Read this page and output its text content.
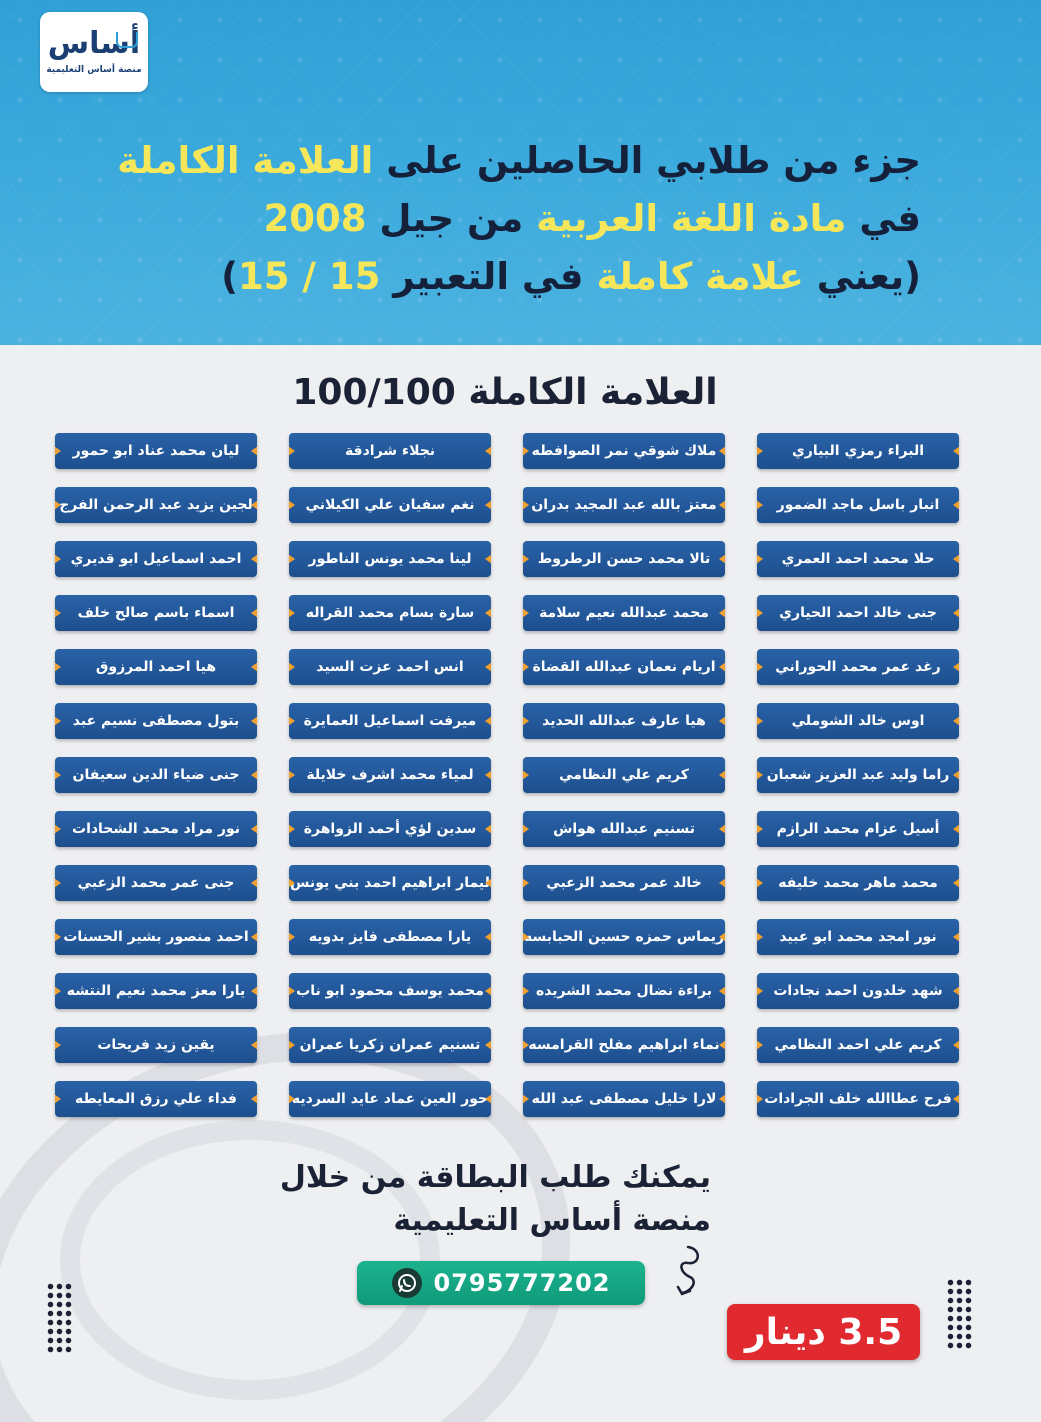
أساس
منصة أساس التعليمية
جزء من طلابي الحاصلين على العلامة الكاملة
في مادة اللغة العربية من جيل 2008
(يعني علامة كاملة في التعبير 15 / 15)
العلامة الكاملة 100/100
البراء رمزي البياري
ملاك شوقي نمر الصوافطه
نجلاء شرادقة
ليان محمد عناد ابو حمور
انبار باسل ماجد الضمور
معتز بالله عبد المجيد بدران
نغم سفيان علي الكيلاني
لجين يزيد عبد الرحمن الفرج
حلا محمد احمد العمري
تالا محمد حسن الرطروط
لينا محمد يونس الناطور
احمد اسماعيل ابو قديري
جنى خالد احمد الحياري
محمد عبدالله نعيم سلامة
سارة بسام محمد القراله
اسماء باسم صالح خلف
رغد عمر محمد الحوراني
اريام نعمان عبدالله القضاة
انس احمد عزت السيد
هيا احمد المرزوق
اوس خالد الشوملي
هيا عارف عبدالله الحديد
ميرفت اسماعيل العمايرة
بتول مصطفى نسيم عبد
راما وليد عبد العزيز شعبان
كريم علي النظامي
لمياء محمد اشرف خلايلة
جنى ضياء الدين سعيفان
أسيل عزام محمد الرازم
تسنيم عبدالله هواش
سدين لؤي أحمد الزواهرة
نور مراد محمد الشحادات
محمد ماهر محمد خليفه
خالد عمر محمد الزعبي
ليمار ابراهيم احمد بني يونس
جنى عمر محمد الزعبي
نور امجد محمد ابو عبيد
ريماس حمزه حسين الحبابسه
يارا مصطفى فايز بدويه
احمد منصور بشير الحسنات
شهد خلدون احمد نجادات
براءة نضال محمد الشريده
محمد يوسف محمود ابو ناب
يارا معز محمد نعيم النتشه
كريم علي احمد النظامي
نماء ابراهيم مفلح القرامسه
تسنيم عمران زكريا عمران
يقين زيد فريحات
فرح عطاالله خلف الجرادات
لارا خليل مصطفى عبد الله
حور العين عماد عايد السرديه
فداء علي رزق المعايطه
يمكنك طلب البطاقة من خلال
منصة أساس التعليمية
0795777202
3.5 دينار
